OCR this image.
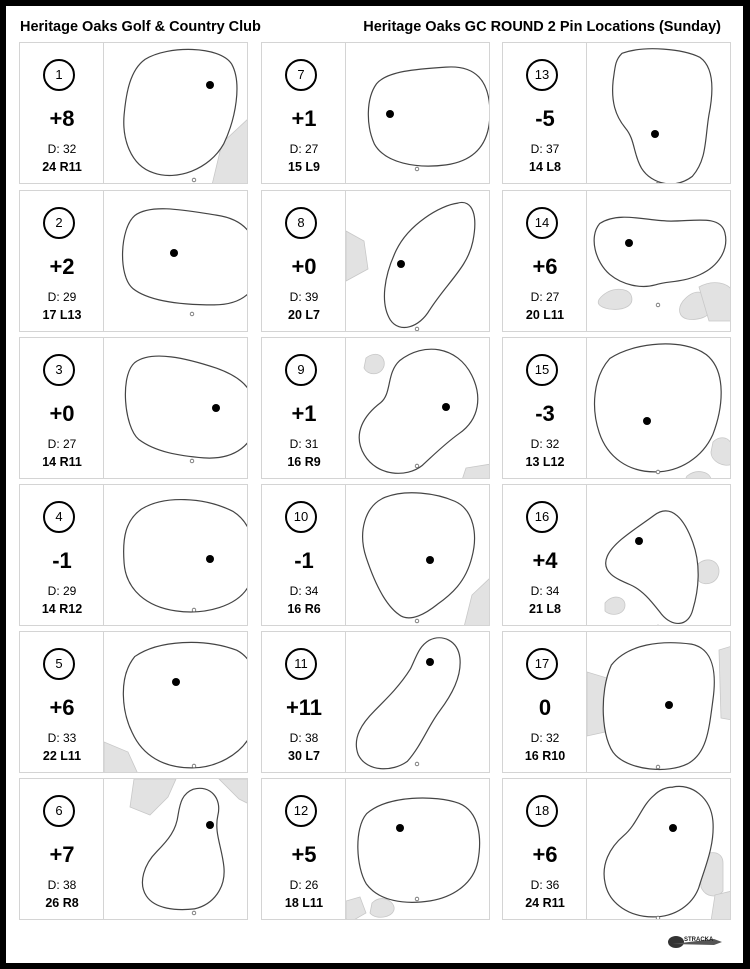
Heritage Oaks Golf & Country Club	Heritage Oaks GC ROUND 2 Pin Locations (Sunday)
1
+8
D: 32
24 R11
2
+2
D: 29
17 L13
3
+0
D: 27
14 R11
4
-1
D: 29
14 R12
5
+6
D: 33
22 L11
6
+7
D: 38
26 R8
7
+1
D: 27
15 L9
8
+0
D: 39
20 L7
9
+1
D: 31
16 R9
10
-1
D: 34
16 R6
11
+11
D: 38
30 L7
12
+5
D: 26
18 L11
13
-5
D: 37
14 L8
14
+6
D: 27
20 L11
15
-3
D: 32
13 L12
16
+4
D: 34
21 L8
17
0
D: 32
16 R10
18
+6
D: 36
24 R11
STRACKA
